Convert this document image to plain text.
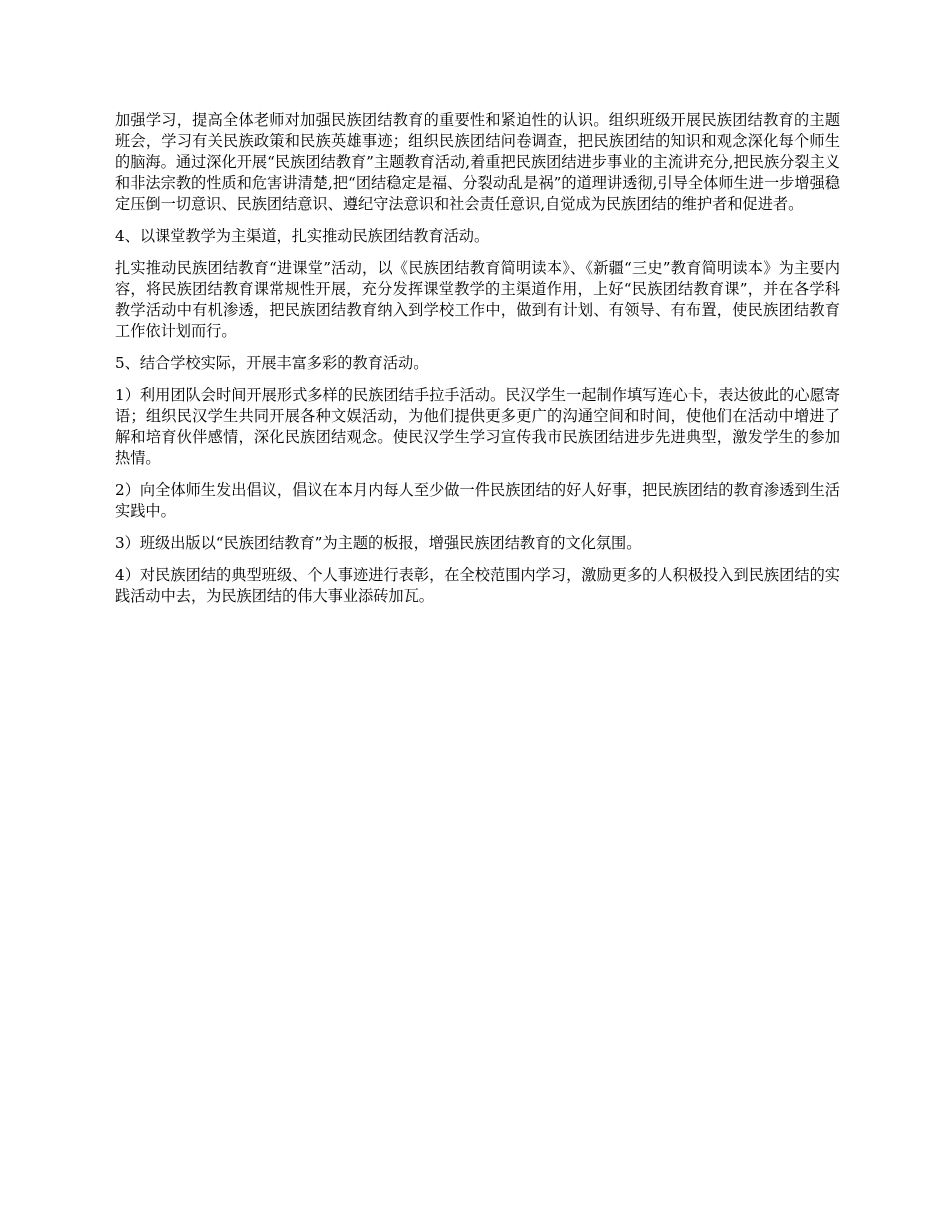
加强学习，提高全体老师对加强民族团结教育的重要性和紧迫性的认识。组织班级开展民族团结教育的主题班会，学习有关民族政策和民族英雄事迹；组织民族团结问卷调查，把民族团结的知识和观念深化每个师生的脑海。通过深化开展“民族团结教育”主题教育活动,着重把民族团结进步事业的主流讲充分,把民族分裂主义和非法宗教的性质和危害讲清楚,把“团结稳定是福、分裂动乱是祸”的道理讲透彻,引导全体师生进一步增强稳定压倒一切意识、民族团结意识、遵纪守法意识和社会责任意识,自觉成为民族团结的维护者和促进者。

4、以课堂教学为主渠道，扎实推动民族团结教育活动。

扎实推动民族团结教育“进课堂”活动，以《民族团结教育简明读本》、《新疆“三史”教育简明读本》为主要内容，将民族团结教育课常规性开展，充分发挥课堂教学的主渠道作用，上好“民族团结教育课”，并在各学科教学活动中有机渗透，把民族团结教育纳入到学校工作中，做到有计划、有领导、有布置，使民族团结教育工作依计划而行。

5、结合学校实际，开展丰富多彩的教育活动。

1）利用团队会时间开展形式多样的民族团结手拉手活动。民汉学生一起制作填写连心卡，表达彼此的心愿寄语；组织民汉学生共同开展各种文娱活动，为他们提供更多更广的沟通空间和时间，使他们在活动中增进了解和培育伙伴感情，深化民族团结观念。使民汉学生学习宣传我市民族团结进步先进典型，激发学生的参加热情。

2）向全体师生发出倡议，倡议在本月内每人至少做一件民族团结的好人好事，把民族团结的教育渗透到生活实践中。

3）班级出版以“民族团结教育”为主题的板报，增强民族团结教育的文化氛围。

4）对民族团结的典型班级、个人事迹进行表彰，在全校范围内学习，激励更多的人积极投入到民族团结的实践活动中去，为民族团结的伟大事业添砖加瓦。
